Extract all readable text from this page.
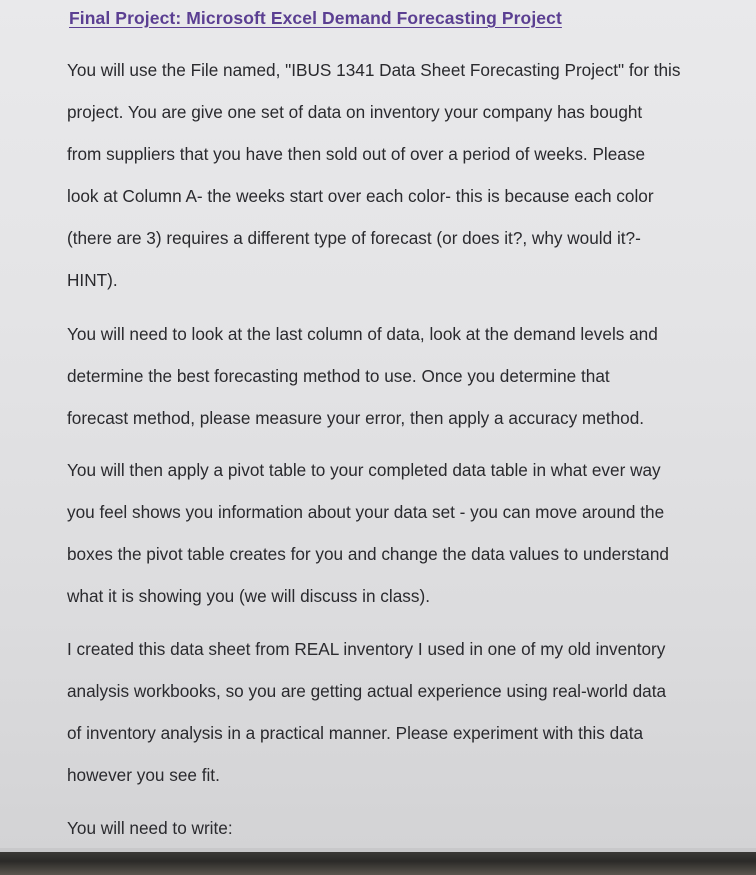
Final Project: Microsoft Excel Demand Forecasting Project
You will use the File named, "IBUS 1341 Data Sheet Forecasting Project" for this
project. You are give one set of data on inventory your company has bought
from suppliers that you have then sold out of over a period of weeks. Please
look at Column A- the weeks start over each color- this is because each color
(there are 3) requires a different type of forecast (or does it?, why would it?-
HINT).
You will need to look at the last column of data, look at the demand levels and
determine the best forecasting method to use. Once you determine that
forecast method, please measure your error, then apply a accuracy method.
You will then apply a pivot table to your completed data table in what ever way
you feel shows you information about your data set - you can move around the
boxes the pivot table creates for you and change the data values to understand
what it is showing you (we will discuss in class).
I created this data sheet from REAL inventory I used in one of my old inventory
analysis workbooks, so you are getting actual experience using real-world data
of inventory analysis in a practical manner. Please experiment with this data
however you see fit.
You will need to write:
